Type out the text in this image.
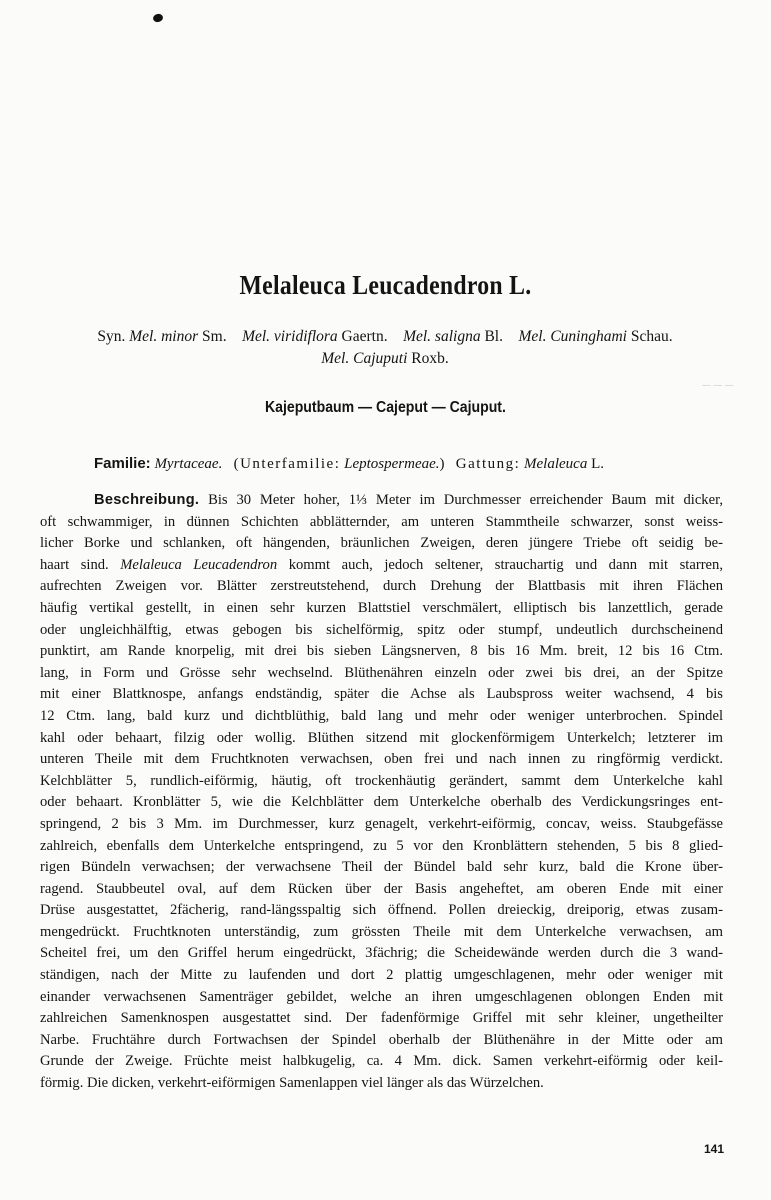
─ ─ ─
Melaleuca Leucadendron L.
Syn. Mel. minor Sm.    Mel. viridiflora Gaertn.    Mel. saligna Bl.    Mel. Cuninghami Schau.
Mel. Cajuputi Roxb.
Kajeputbaum — Cajeput — Cajuput.
Familie: Myrtaceae. (Unterfamilie: Leptospermeae.) Gattung: Melaleuca L.
Beschreibung. Bis 30 Meter hoher, 1⅓ Meter im Durchmesser erreichender Baum mit dicker,
oft schwammiger, in dünnen Schichten abblätternder, am unteren Stammtheile schwarzer, sonst weiss-
licher Borke und schlanken, oft hängenden, bräunlichen Zweigen, deren jüngere Triebe oft seidig be-
haart sind. Melaleuca Leucadendron kommt auch, jedoch seltener, strauchartig und dann mit starren,
aufrechten Zweigen vor. Blätter zerstreutstehend, durch Drehung der Blattbasis mit ihren Flächen
häufig vertikal gestellt, in einen sehr kurzen Blattstiel verschmälert, elliptisch bis lanzettlich, gerade
oder ungleichhälftig, etwas gebogen bis sichelförmig, spitz oder stumpf, undeutlich durchscheinend
punktirt, am Rande knorpelig, mit drei bis sieben Längsnerven, 8 bis 16 Mm. breit, 12 bis 16 Ctm.
lang, in Form und Grösse sehr wechselnd. Blüthenähren einzeln oder zwei bis drei, an der Spitze
mit einer Blattknospe, anfangs endständig, später die Achse als Laubspross weiter wachsend, 4 bis
12 Ctm. lang, bald kurz und dichtblüthig, bald lang und mehr oder weniger unterbrochen. Spindel
kahl oder behaart, filzig oder wollig. Blüthen sitzend mit glockenförmigem Unterkelch; letzterer im
unteren Theile mit dem Fruchtknoten verwachsen, oben frei und nach innen zu ringförmig verdickt.
Kelchblätter 5, rundlich-eiförmig, häutig, oft trockenhäutig gerändert, sammt dem Unterkelche kahl
oder behaart. Kronblätter 5, wie die Kelchblätter dem Unterkelche oberhalb des Verdickungsringes ent-
springend, 2 bis 3 Mm. im Durchmesser, kurz genagelt, verkehrt-eiförmig, concav, weiss. Staubgefässe
zahlreich, ebenfalls dem Unterkelche entspringend, zu 5 vor den Kronblättern stehenden, 5 bis 8 glied-
rigen Bündeln verwachsen; der verwachsene Theil der Bündel bald sehr kurz, bald die Krone über-
ragend. Staubbeutel oval, auf dem Rücken über der Basis angeheftet, am oberen Ende mit einer
Drüse ausgestattet, 2fächerig, rand-längsspaltig sich öffnend. Pollen dreieckig, dreiporig, etwas zusam-
mengedrückt. Fruchtknoten unterständig, zum grössten Theile mit dem Unterkelche verwachsen, am
Scheitel frei, um den Griffel herum eingedrückt, 3fächrig; die Scheidewände werden durch die 3 wand-
ständigen, nach der Mitte zu laufenden und dort 2 plattig umgeschlagenen, mehr oder weniger mit
einander verwachsenen Samenträger gebildet, welche an ihren umgeschlagenen oblongen Enden mit
zahlreichen Samenknospen ausgestattet sind. Der fadenförmige Griffel mit sehr kleiner, ungetheilter
Narbe. Fruchtähre durch Fortwachsen der Spindel oberhalb der Blüthenähre in der Mitte oder am
Grunde der Zweige. Früchte meist halbkugelig, ca. 4 Mm. dick. Samen verkehrt-eiförmig oder keil-
förmig. Die dicken, verkehrt-eiförmigen Samenlappen viel länger als das Würzelchen.
141
